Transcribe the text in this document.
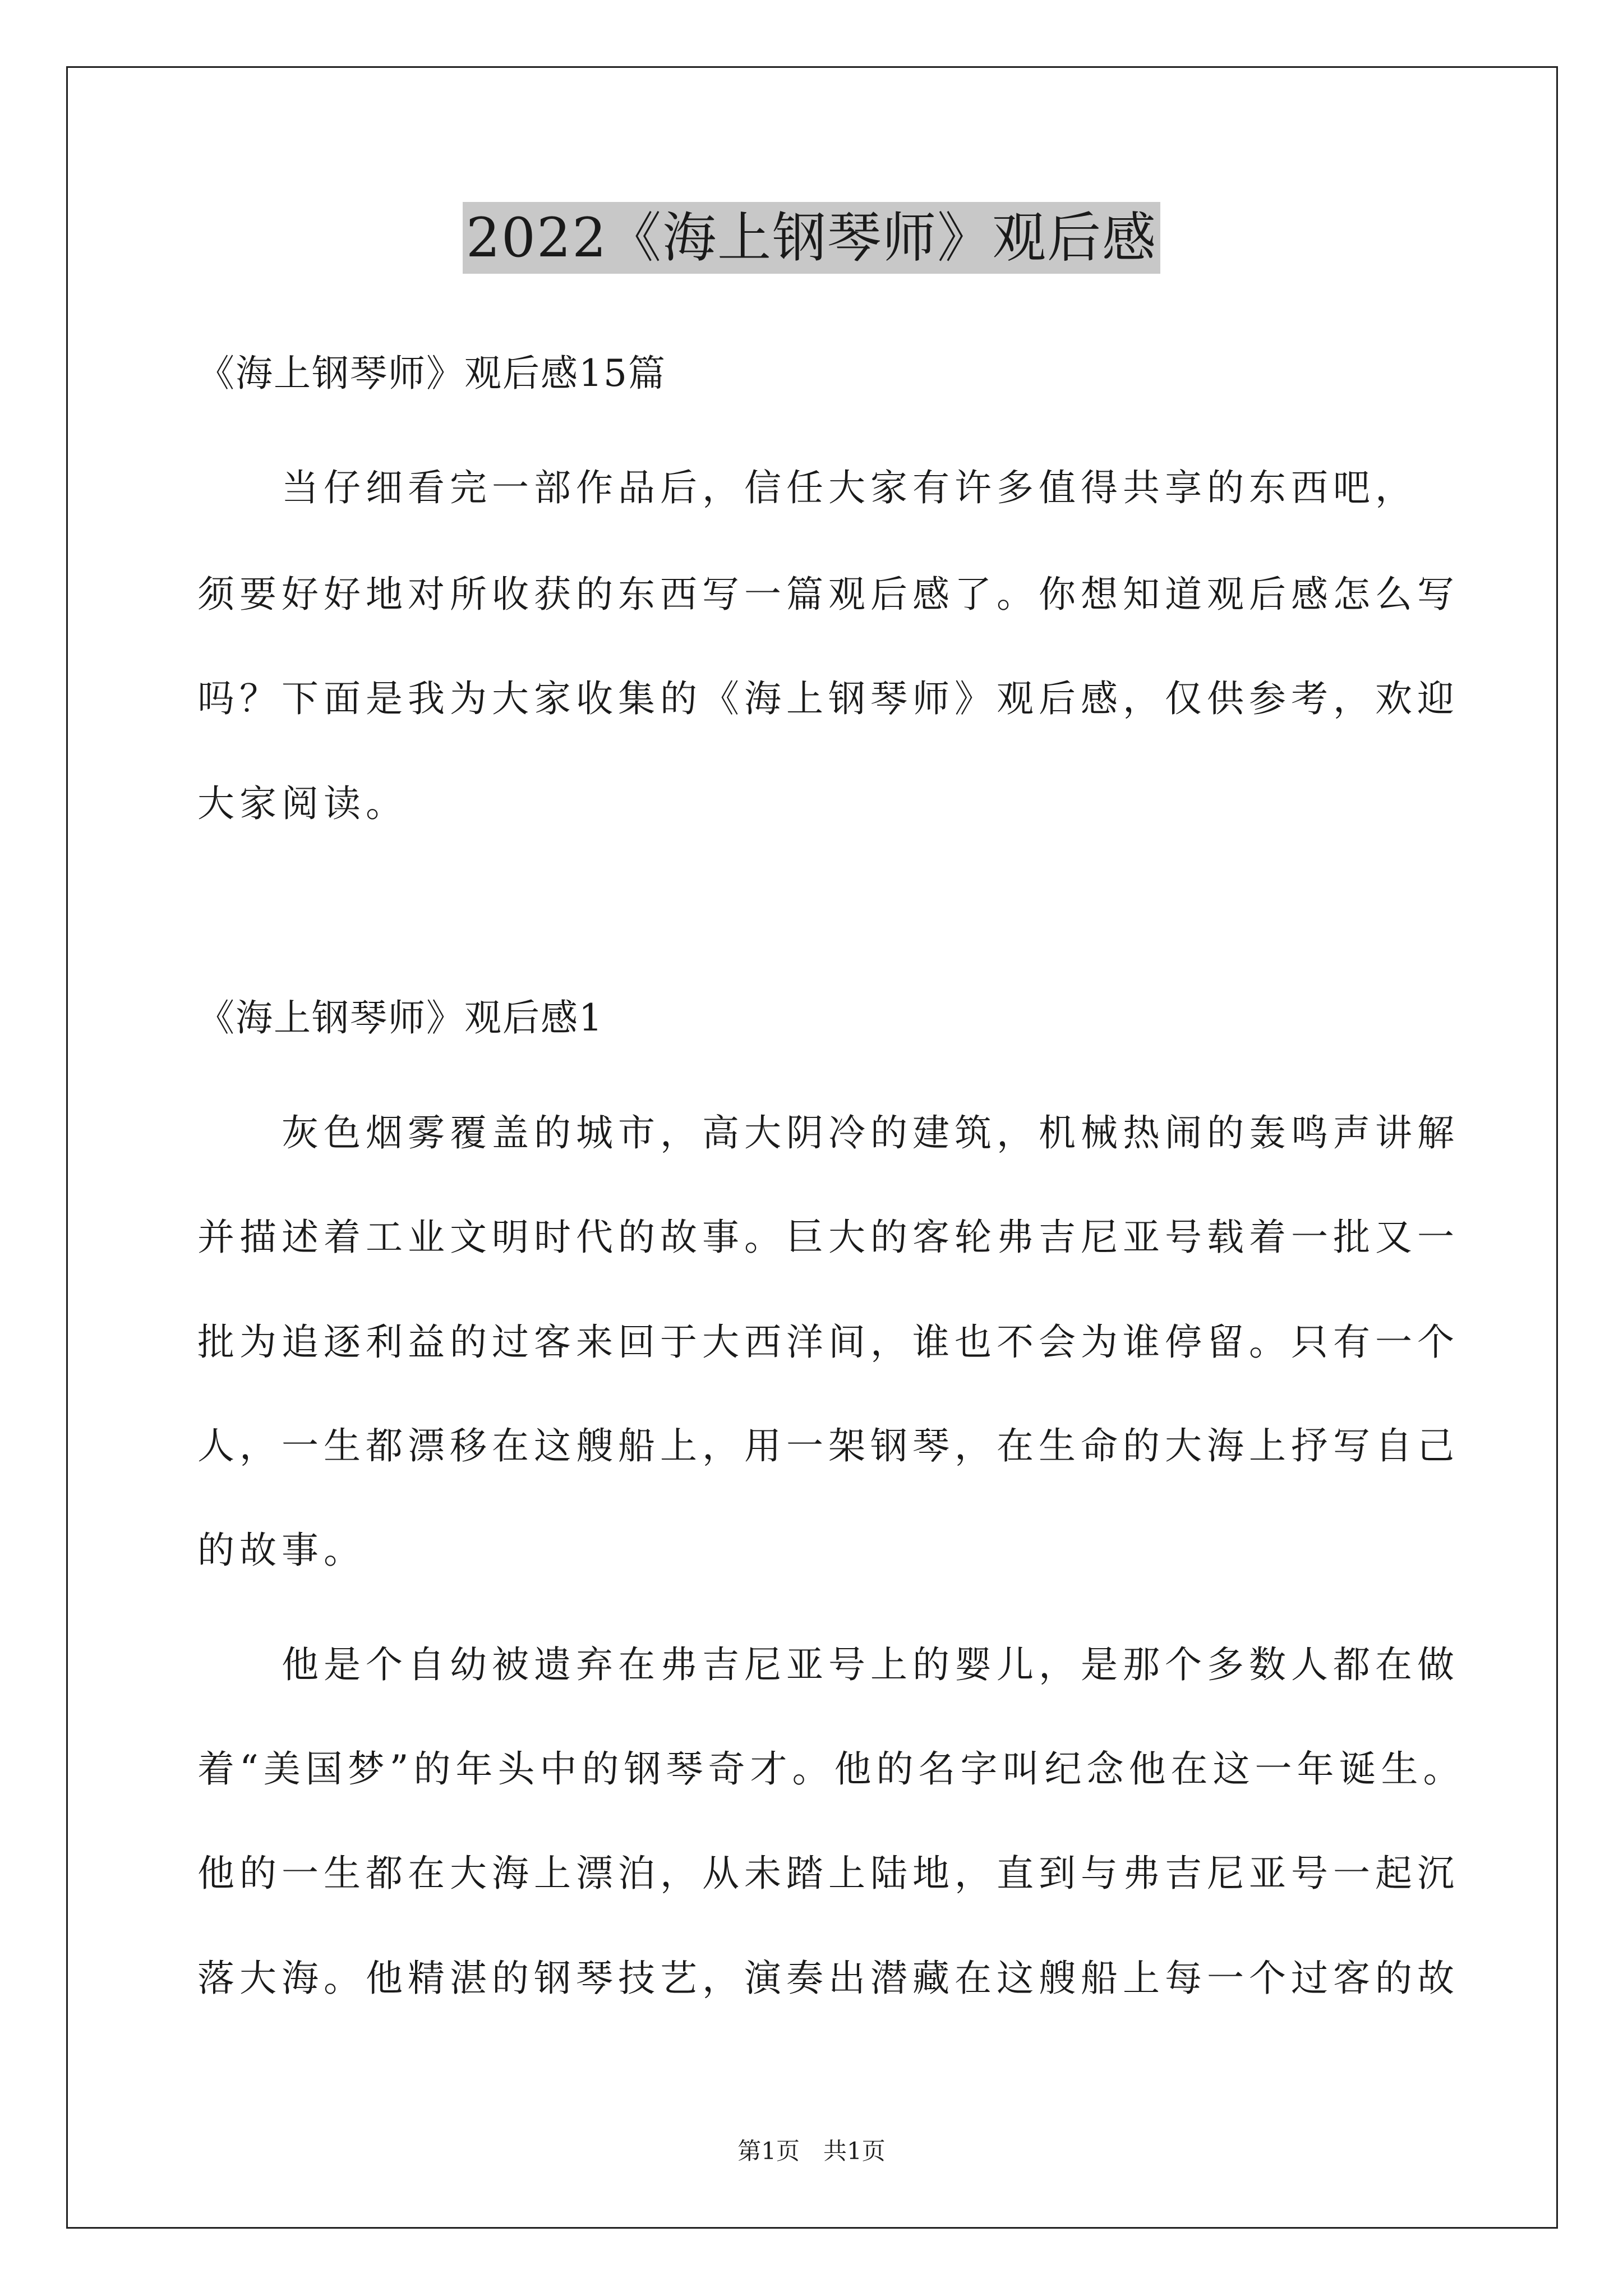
2022《海上钢琴师》观后感
《海上钢琴师》观后感15篇
　　当仔细看完一部作品后，信任大家有许多值得共享的东西吧，
须要好好地对所收获的东西写一篇观后感了。你想知道观后感怎么写
吗？下面是我为大家收集的《海上钢琴师》观后感，仅供参考，欢迎
大家阅读。
《海上钢琴师》观后感1
　　灰色烟雾覆盖的城市，高大阴冷的建筑，机械热闹的轰鸣声讲解
并描述着工业文明时代的故事。巨大的客轮弗吉尼亚号载着一批又一
批为追逐利益的过客来回于大西洋间，谁也不会为谁停留。只有一个
人，一生都漂移在这艘船上，用一架钢琴，在生命的大海上抒写自己
的故事。
　　他是个自幼被遗弃在弗吉尼亚号上的婴儿，是那个多数人都在做
着“美国梦”的年头中的钢琴奇才。他的名字叫纪念他在这一年诞生。
他的一生都在大海上漂泊，从未踏上陆地，直到与弗吉尼亚号一起沉
落大海。他精湛的钢琴技艺，演奏出潜藏在这艘船上每一个过客的故
第1页　共1页
